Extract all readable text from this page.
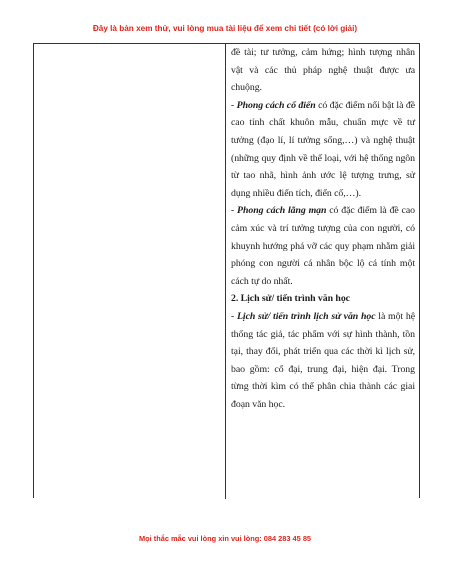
Đây là bản xem thử, vui lòng mua tài liệu để xem chi tiết (có lời giải)

đề tài; tư tưởng, cảm hứng; hình tượng nhân vật và các thủ pháp nghệ thuật được ưa chuộng.

- Phong cách cổ điển có đặc điểm nổi bật là đề cao tính chất khuôn mẫu, chuẩn mực về tư tưởng (đạo lí, lí tưởng sống,…) và nghệ thuật (những quy định về thể loại, với hệ thống ngôn từ tao nhã, hình ảnh ước lệ tượng trưng, sử dụng nhiều điển tích, điển cố,…).

- Phong cách lãng mạn có đặc điểm là đề cao cảm xúc và trí tưởng tượng của con người, có khuynh hướng phá vỡ các quy phạm nhằm giải phóng con người cá nhân bộc lộ cá tính một cách tự do nhất.

2. Lịch sử/ tiến trình văn học

- Lịch sử/ tiến trình lịch sử văn học là một hệ thống tác giả, tác phẩm với sự hình thành, tồn tại, thay đổi, phát triển qua các thời kì lịch sử, bao gồm: cổ đại, trung đại, hiện đại. Trong từng thời kìm có thể phân chia thành các giai đoạn văn học.

Mọi thắc mắc vui lòng xin vui lòng: 084 283 45 85
